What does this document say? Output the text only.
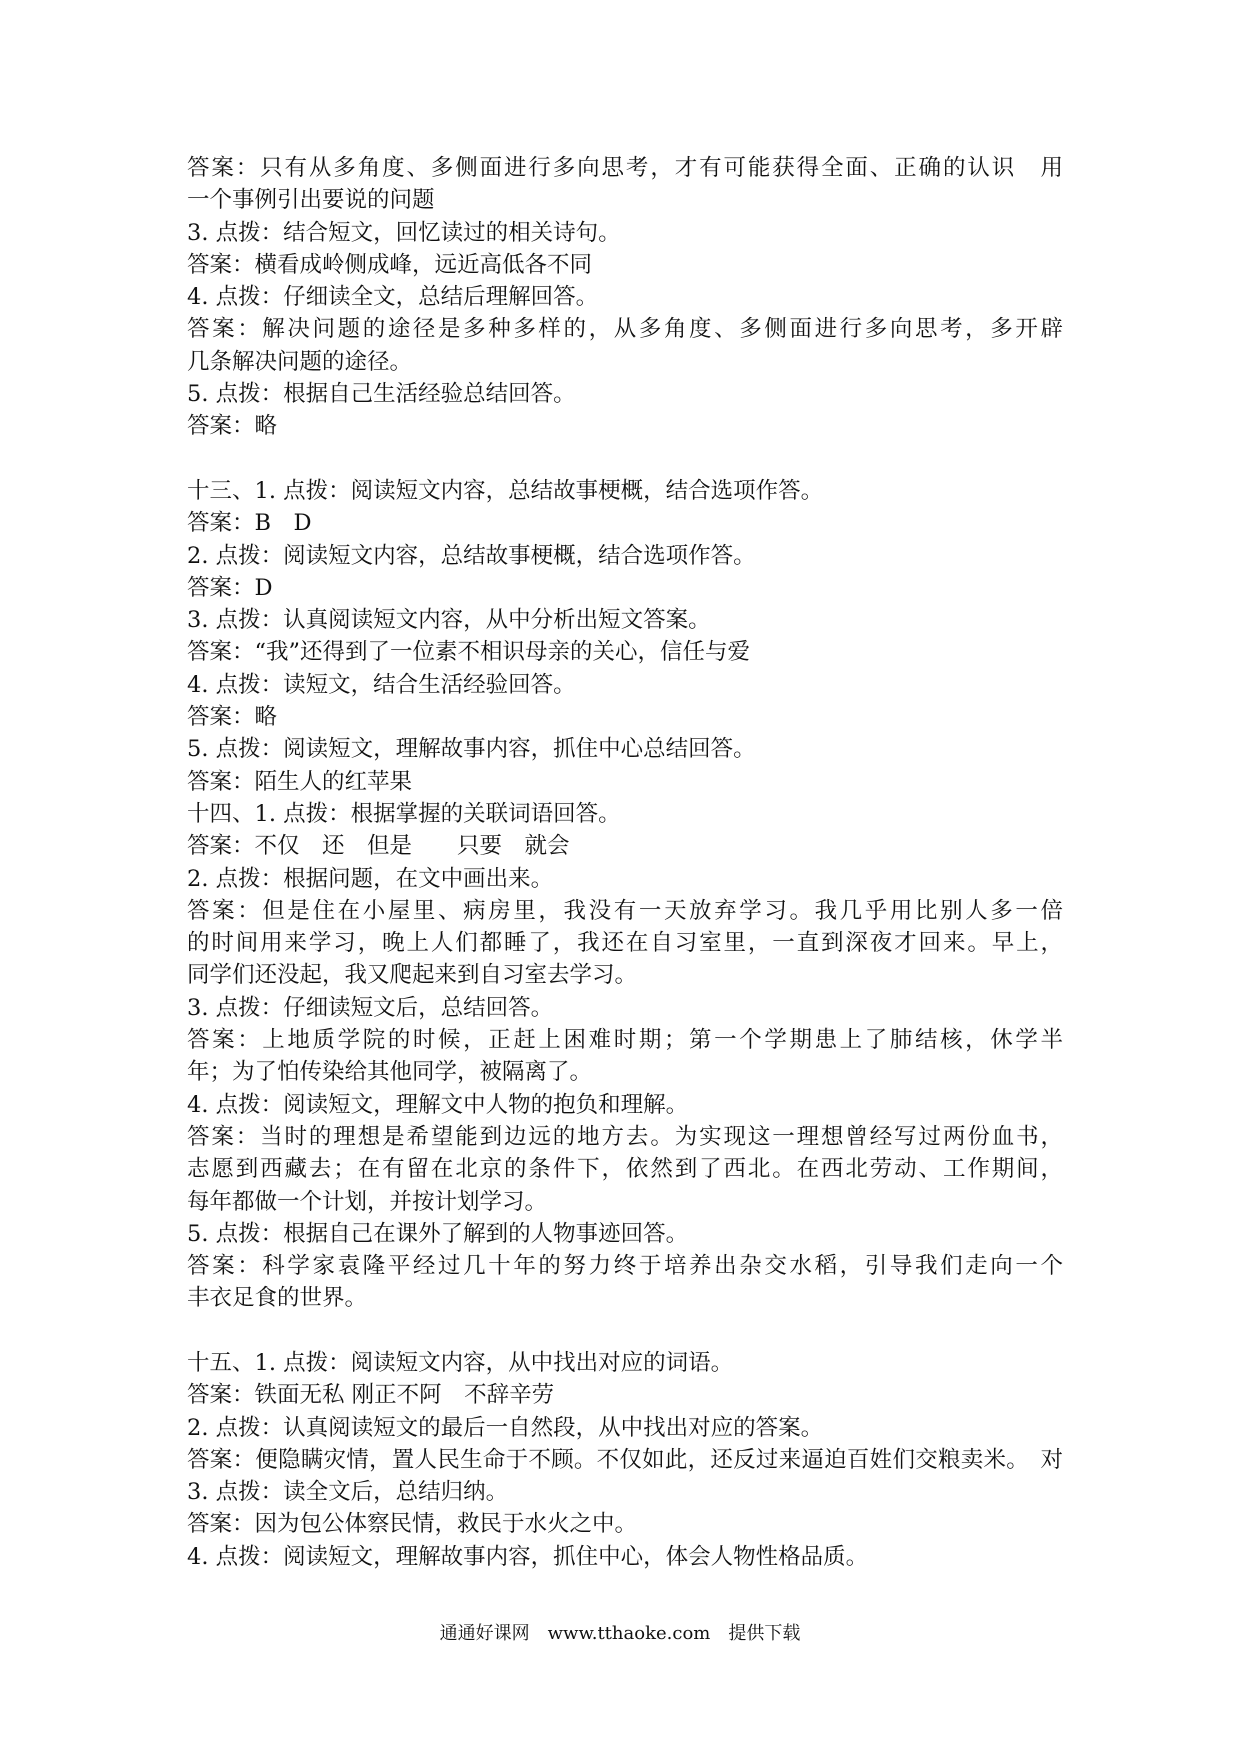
答案：只有从多角度、多侧面进行多向思考，才有可能获得全面、正确的认识　用
一个事例引出要说的问题
3. 点拨：结合短文，回忆读过的相关诗句。
答案：横看成岭侧成峰，远近高低各不同
4. 点拨：仔细读全文，总结后理解回答。
答案：解决问题的途径是多种多样的，从多角度、多侧面进行多向思考，多开辟
几条解决问题的途径。
5. 点拨：根据自己生活经验总结回答。
答案：略
十三、1. 点拨：阅读短文内容，总结故事梗概，结合选项作答。
答案：B　D
2. 点拨：阅读短文内容，总结故事梗概，结合选项作答。
答案：D
3. 点拨：认真阅读短文内容，从中分析出短文答案。
答案：“我”还得到了一位素不相识母亲的关心，信任与爱
4. 点拨：读短文，结合生活经验回答。
答案：略
5. 点拨：阅读短文，理解故事内容，抓住中心总结回答。
答案：陌生人的红苹果
十四、1. 点拨：根据掌握的关联词语回答。
答案：不仅　还　但是　　只要　就会
2. 点拨：根据问题，在文中画出来。
答案：但是住在小屋里、病房里，我没有一天放弃学习。我几乎用比别人多一倍
的时间用来学习，晚上人们都睡了，我还在自习室里，一直到深夜才回来。早上，
同学们还没起，我又爬起来到自习室去学习。
3. 点拨：仔细读短文后，总结回答。
答案：上地质学院的时候，正赶上困难时期；第一个学期患上了肺结核，休学半
年；为了怕传染给其他同学，被隔离了。
4. 点拨：阅读短文，理解文中人物的抱负和理解。
答案：当时的理想是希望能到边远的地方去。为实现这一理想曾经写过两份血书，
志愿到西藏去；在有留在北京的条件下，依然到了西北。在西北劳动、工作期间，
每年都做一个计划，并按计划学习。
5. 点拨：根据自己在课外了解到的人物事迹回答。
答案：科学家袁隆平经过几十年的努力终于培养出杂交水稻，引导我们走向一个
丰衣足食的世界。
十五、1. 点拨：阅读短文内容，从中找出对应的词语。
答案：铁面无私 刚正不阿　不辞辛劳
2. 点拨：认真阅读短文的最后一自然段，从中找出对应的答案。
答案：便隐瞒灾情，置人民生命于不顾。不仅如此，还反过来逼迫百姓们交粮卖米。　对
3. 点拨：读全文后，总结归纳。
答案：因为包公体察民情，救民于水火之中。
4. 点拨：阅读短文，理解故事内容，抓住中心，体会人物性格品质。
通通好课网　www.tthaoke.com　提供下载
